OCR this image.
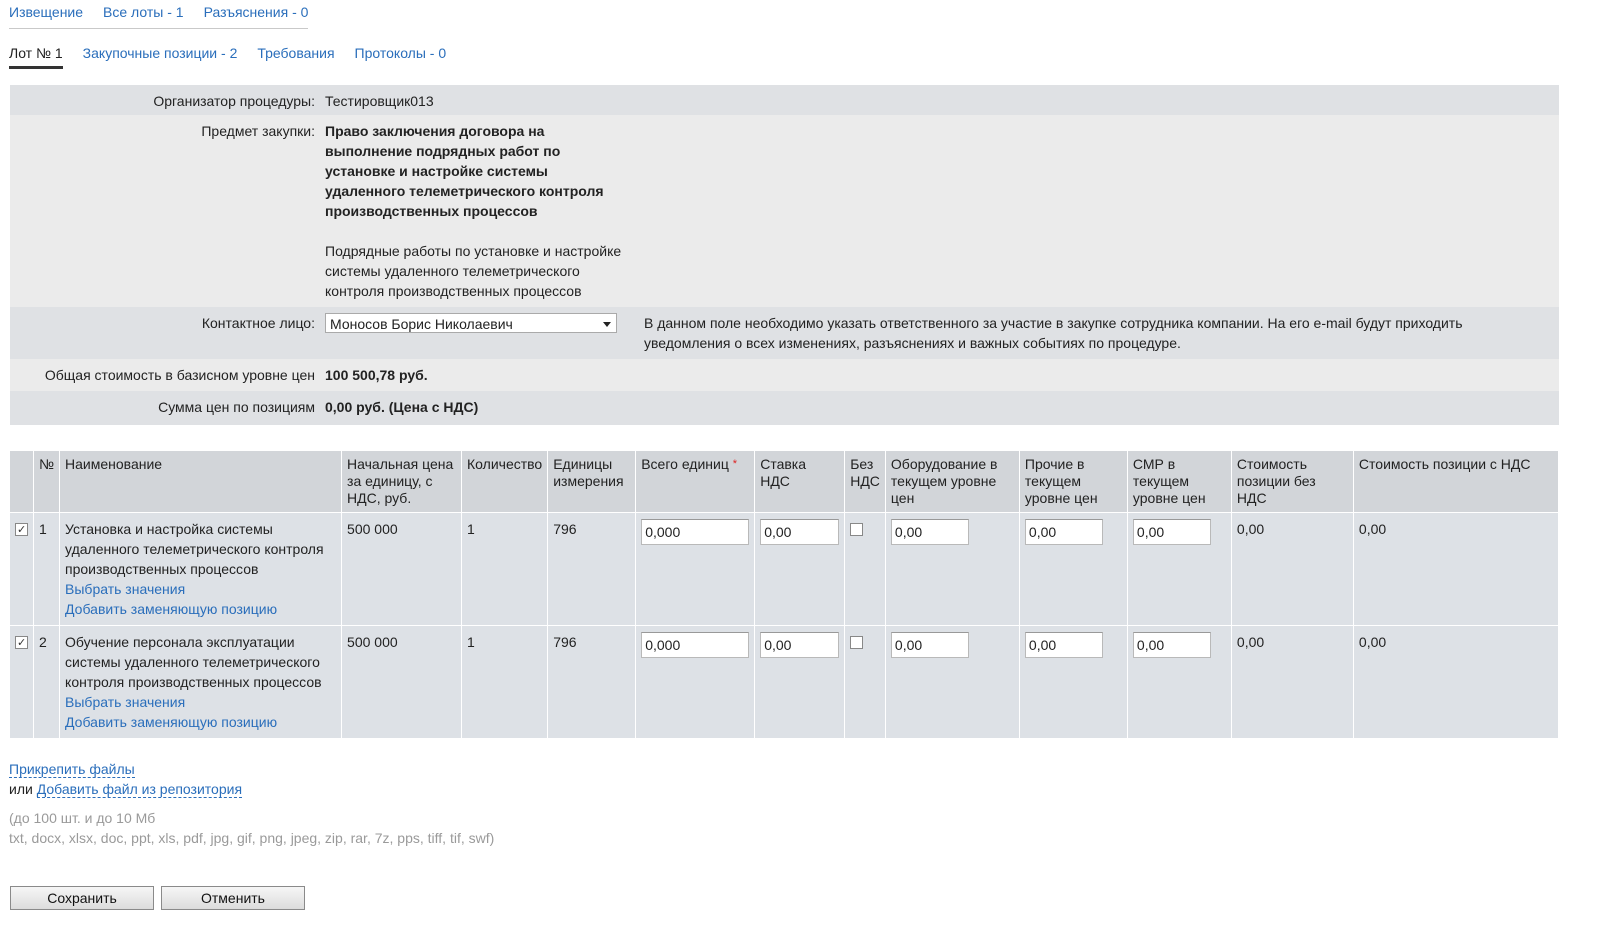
Извещение Все лоты - 1 Разъяснения - 0
Лот № 1 Закупочные позиции - 2 Требования Протоколы - 0
Организатор процедуры:	Тестировщик013	
Предмет закупки:	Право заключения договора на выполнение подрядных работ по установке и настройке системы удаленного телеметрического контроля производственных процессов
Подрядные работы по установке и настройке системы удаленного телеметрического контроля производственных процессов	

Контактное лицо:	Моносов Борис Николаевич	В данном поле необходимо указать ответственного за участие в закупке сотрудника компании. На его e-mail будут приходить уведомления о всех изменениях, разъяснениях и важных событиях по процедуре.
Общая стоимость в базисном уровне цен	100 500,78 руб.	
Сумма цен по позициям	0,00 руб. (Цена с НДС)	
	№	Наименование	Начальная цена за единицу, с НДС, руб.	Количество	Единицы измерения	Всего единиц *	Ставка НДС	Без НДС	Оборудование в текущем уровне цен	Прочие в текущем уровне цен	СМР в текущем уровне цен	Стоимость позиции без НДС	Стоимость позиции с НДС
✓	1	Установка и настройка системы удаленного телеметрического контроля производственных процессов
Выбрать значения
Добавить заменяющую позицию	500 000	1	796	0,000	0,00		0,00	0,00	0,00	0,00	0,00
✓	2	Обучение персонала эксплуатации системы удаленного телеметрического контроля производственных процессов
Выбрать значения
Добавить заменяющую позицию	500 000	1	796	0,000	0,00		0,00	0,00	0,00	0,00	0,00
Прикрепить файлы
или Добавить файл из репозитория
(до 100 шт. и до 10 Мб
txt, docx, xlsx, doc, ppt, xls, pdf, jpg, gif, png, jpeg, zip, rar, 7z, pps, tiff, tif, swf)
Сохранить	Отменить
